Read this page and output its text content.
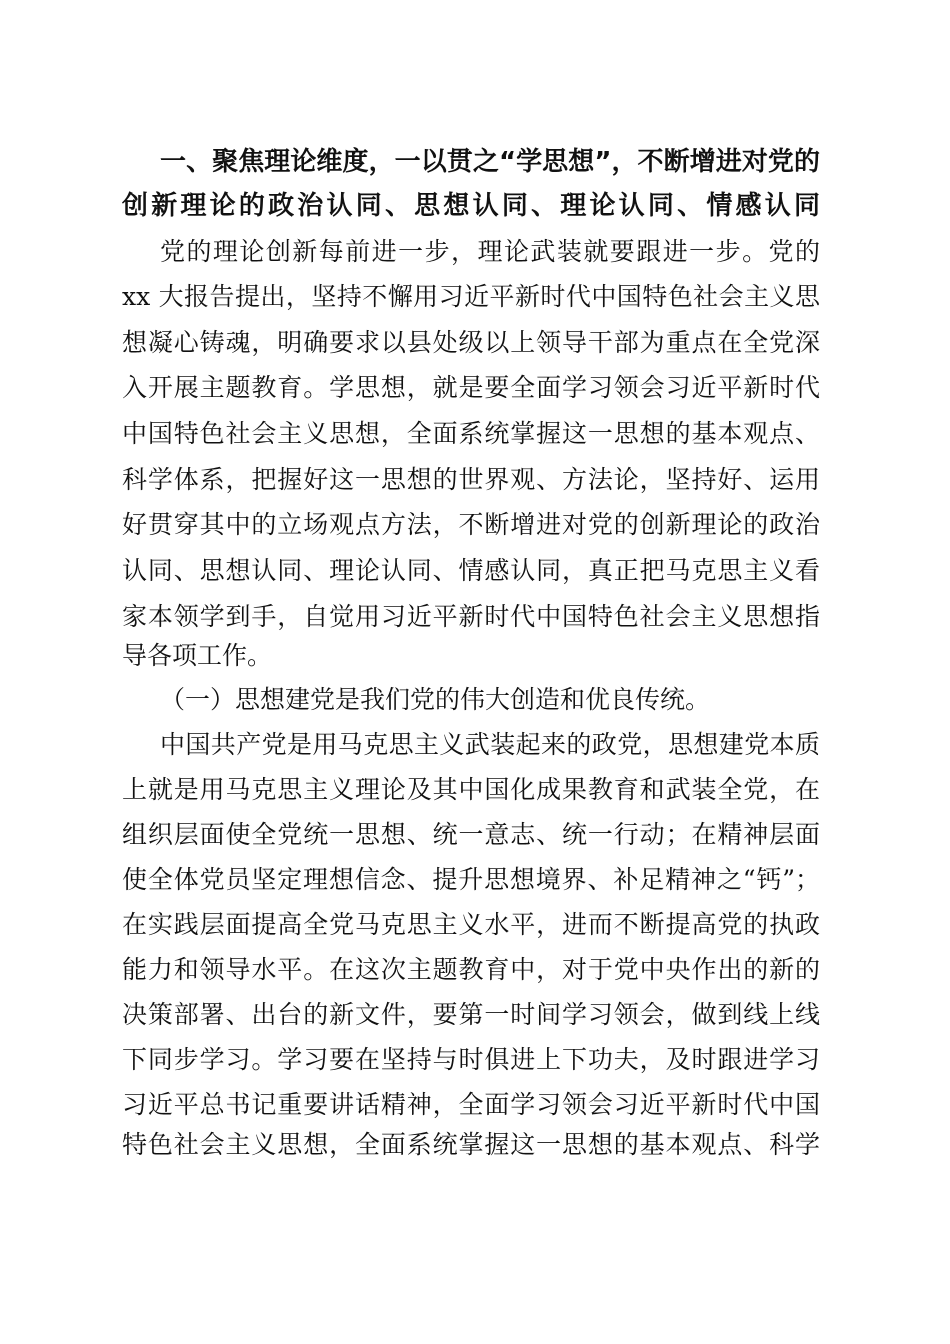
一、聚焦理论维度，一以贯之“学思想”，不断增进对党的
创新理论的政治认同、思想认同、理论认同、情感认同
党的理论创新每前进一步，理论武装就要跟进一步。党的
xx 大报告提出，坚持不懈用习近平新时代中国特色社会主义思
想凝心铸魂，明确要求以县处级以上领导干部为重点在全党深
入开展主题教育。学思想，就是要全面学习领会习近平新时代
中国特色社会主义思想，全面系统掌握这一思想的基本观点、
科学体系，把握好这一思想的世界观、方法论，坚持好、运用
好贯穿其中的立场观点方法，不断增进对党的创新理论的政治
认同、思想认同、理论认同、情感认同，真正把马克思主义看
家本领学到手，自觉用习近平新时代中国特色社会主义思想指
导各项工作。
（一）思想建党是我们党的伟大创造和优良传统。
中国共产党是用马克思主义武装起来的政党，思想建党本质
上就是用马克思主义理论及其中国化成果教育和武装全党，在
组织层面使全党统一思想、统一意志、统一行动；在精神层面
使全体党员坚定理想信念、提升思想境界、补足精神之“钙”；
在实践层面提高全党马克思主义水平，进而不断提高党的执政
能力和领导水平。在这次主题教育中，对于党中央作出的新的
决策部署、出台的新文件，要第一时间学习领会，做到线上线
下同步学习。学习要在坚持与时俱进上下功夫，及时跟进学习
习近平总书记重要讲话精神，全面学习领会习近平新时代中国
特色社会主义思想，全面系统掌握这一思想的基本观点、科学
